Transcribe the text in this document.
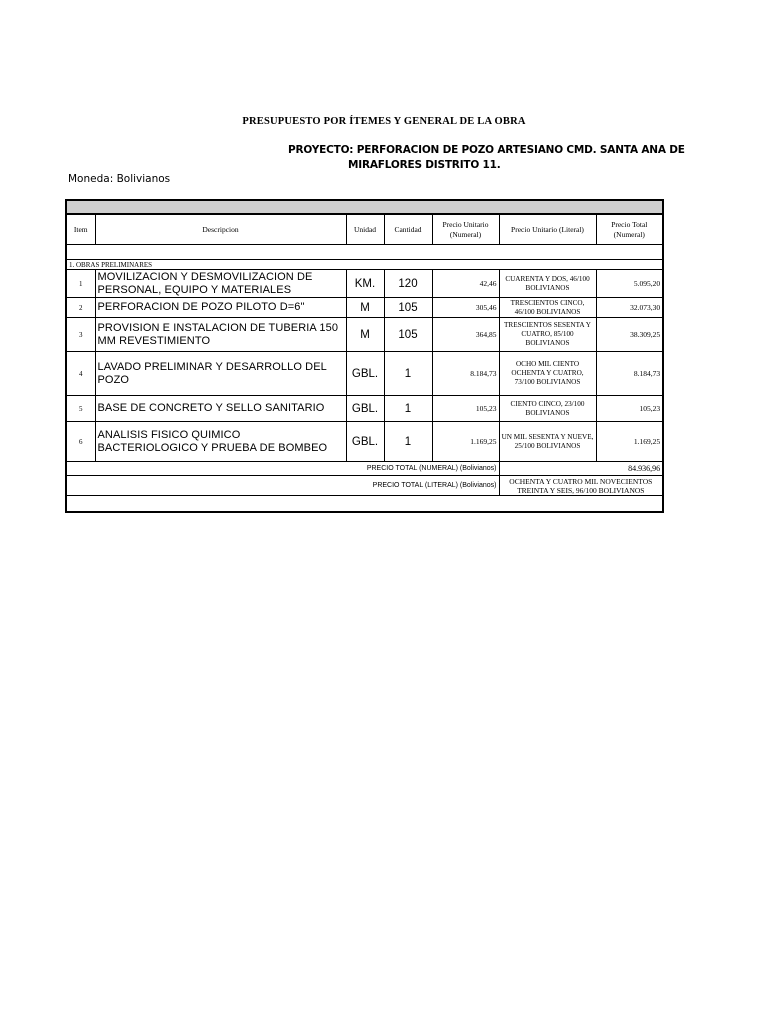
PRESUPUESTO POR ÍTEMES Y GENERAL DE LA OBRA
PROYECTO: PERFORACION DE POZO ARTESIANO CMD. SANTA ANA DE
MIRAFLORES DISTRITO 11.
Moneda: Bolivianos

Item	Descripcion	Unidad	Cantidad	Precio Unitario (Numeral)	Precio Unitario (Literal)	Precio Total (Numeral)

1. OBRAS PRELIMINARES						
1	MOVILIZACION Y DESMOVILIZACION DE PERSONAL, EQUIPO Y MATERIALES	KM.	120	42,46	CUARENTA Y DOS, 46/100 BOLIVIANOS	5.095,20
2	PERFORACION DE POZO PILOTO D=6"	M	105	305,46	TRESCIENTOS CINCO, 46/100 BOLIVIANOS	32.073,30
3	PROVISION E INSTALACION DE TUBERIA 150 MM REVESTIMIENTO	M	105	364,85	TRESCIENTOS SESENTA Y CUATRO, 85/100 BOLIVIANOS	38.309,25
4	LAVADO PRELIMINAR Y DESARROLLO DEL POZO	GBL.	1	8.184,73	OCHO MIL CIENTO OCHENTA Y CUATRO, 73/100 BOLIVIANOS	8.184,73
5	BASE DE CONCRETO Y SELLO SANITARIO	GBL.	1	105,23	CIENTO CINCO, 23/100 BOLIVIANOS	105,23
6	ANALISIS FISICO QUIMICO BACTERIOLOGICO Y PRUEBA DE BOMBEO	GBL.	1	1.169,25	UN MIL SESENTA Y NUEVE, 25/100 BOLIVIANOS	1.169,25
PRECIO TOTAL (NUMERAL) (Bolivianos)					84.936,96	
PRECIO TOTAL (LITERAL) (Bolivianos)					OCHENTA Y CUATRO MIL NOVECIENTOS TREINTA Y SEIS, 96/100 BOLIVIANOS	
